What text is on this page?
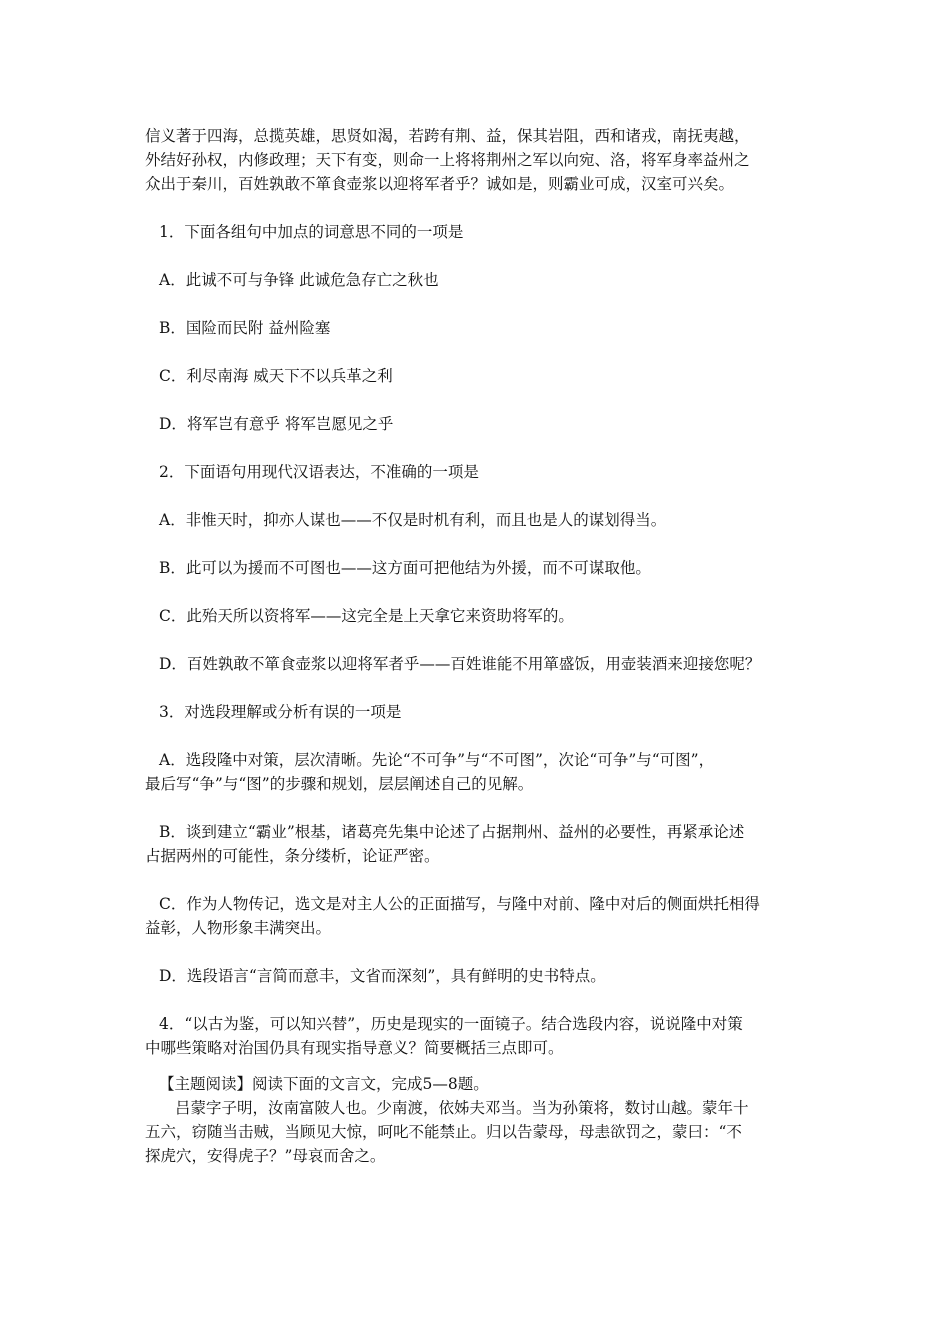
信义著于四海，总揽英雄，思贤如渴，若跨有荆、益，保其岩阻，西和诸戎，南抚夷越，
外结好孙权，内修政理；天下有变，则命一上将将荆州之军以向宛、洛，将军身率益州之
众出于秦川，百姓孰敢不箪食壶浆以迎将军者乎？诚如是，则霸业可成，汉室可兴矣。
1．下面各组句中加点的词意思不同的一项是
A．此诚不可与争锋 此诚危急存亡之秋也
B．国险而民附 益州险塞
C．利尽南海 威天下不以兵革之利
D．将军岂有意乎 将军岂愿见之乎
2．下面语句用现代汉语表达，不准确的一项是
A．非惟天时，抑亦人谋也——不仅是时机有利，而且也是人的谋划得当。
B．此可以为援而不可图也——这方面可把他结为外援，而不可谋取他。
C．此殆天所以资将军——这完全是上天拿它来资助将军的。
D．百姓孰敢不箪食壶浆以迎将军者乎——百姓谁能不用箪盛饭，用壶装酒来迎接您呢？
3．对选段理解或分析有误的一项是
A．选段隆中对策，层次清晰。先论“不可争”与“不可图”，次论“可争”与“可图”，
最后写“争”与“图”的步骤和规划，层层阐述自己的见解。
B．谈到建立“霸业”根基，诸葛亮先集中论述了占据荆州、益州的必要性，再紧承论述
占据两州的可能性，条分缕析，论证严密。
C．作为人物传记，选文是对主人公的正面描写，与隆中对前、隆中对后的侧面烘托相得
益彰，人物形象丰满突出。
D．选段语言“言简而意丰，文省而深刻”，具有鲜明的史书特点。
4．“以古为鉴，可以知兴替”，历史是现实的一面镜子。结合选段内容，说说隆中对策
中哪些策略对治国仍具有现实指导意义？简要概括三点即可。
【主题阅读】阅读下面的文言文，完成5—8题。
吕蒙字子明，汝南富陂人也。少南渡，依姊夫邓当。当为孙策将，数讨山越。蒙年十
五六，窃随当击贼，当顾见大惊，呵叱不能禁止。归以告蒙母，母恚欲罚之，蒙曰：“不
探虎穴，安得虎子？”母哀而舍之。
